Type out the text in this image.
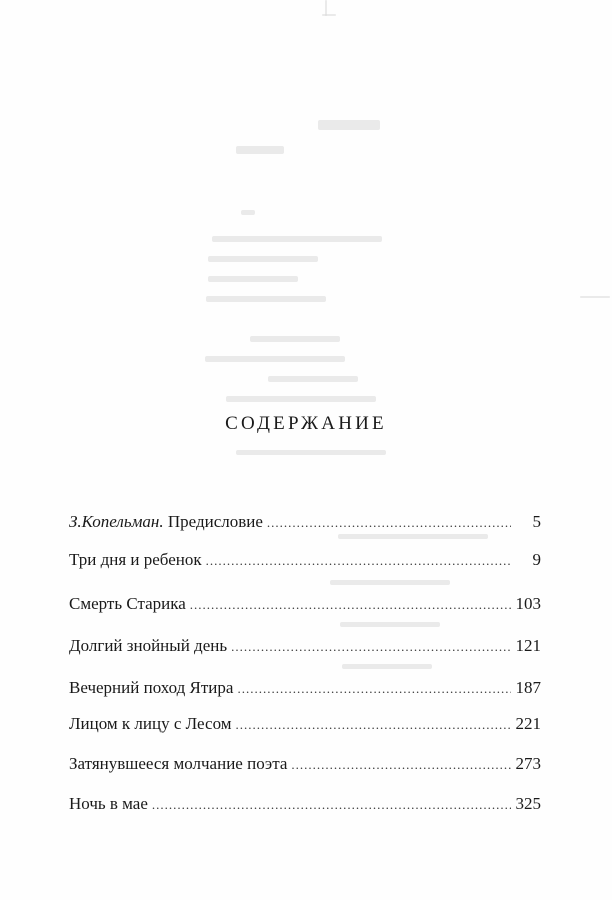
СОДЕРЖАНИЕ
З.Копельман. Предисловие .....	5
Три дня и ребенок .....	9
Смерть Старика .....	103
Долгий знойный день .....	121
Вечерний поход Ятира .....	187
Лицом к лицу с Лесом .....	221
Затянувшееся молчание поэта .....	273
Ночь в мае .....	325
